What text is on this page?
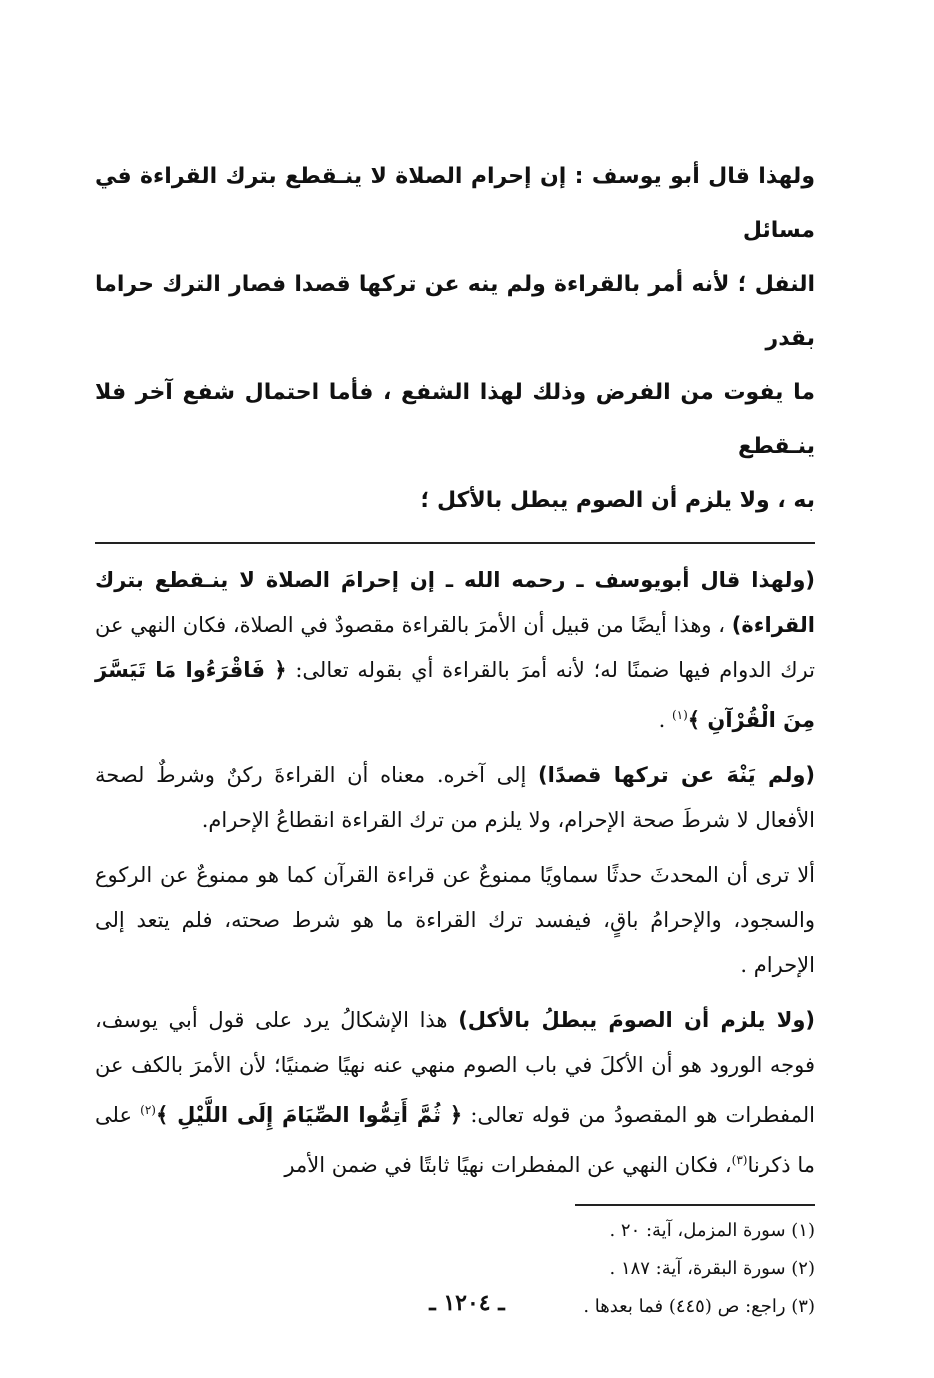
ولهذا قال أبو يوسف : إن إحرام الصلاة لا ينـقطع بترك القراءة في مسائل

النفل ؛ لأنه أمر بالقراءة ولم ينه عن تركها قصدا فصار الترك حراما بقدر

ما يفوت من الفرض وذلك لهذا الشفع ، فأما احتمال شفع آخر فلا ينـقطع

به ، ولا يلزم أن الصوم يبطل بالأكل ؛

(ولهذا قال أبويوسف ـ رحمه الله ـ إن إحرامَ الصلاة لا ينـقطع بترك القراءة) ، وهذا أيضًا من قبيل أن الأمرَ بالقراءة مقصودٌ في الصلاة، فكان النهي عن ترك الدوام فيها ضمنًا له؛ لأنه أمرَ بالقراءة أي بقوله تعالى: ﴿ فَاقْرَءُوا مَا تَيَسَّرَ مِنَ الْقُرْآنِ ﴾$^{(١)}$ .

(ولم يَنْهَ عن تركها قصدًا) إلى آخره. معناه أن القراءةَ ركنٌ وشرطٌ لصحة الأفعال لا شرطَ صحة الإحرام، ولا يلزم من ترك القراءة انقطاعُ الإحرام.

ألا ترى أن المحدثَ حدثًا سماويًا ممنوعٌ عن قراءة القرآن كما هو ممنوعٌ عن الركوع والسجود، والإحرامُ باقٍ، فيفسد ترك القراءة ما هو شرط صحته، فلم يتعد إلى الإحرام .

(ولا يلزم أن الصومَ يبطلُ بالأكل) هذا الإشكالُ يرد على قول أبي يوسف، فوجه الورود هو أن الأكلَ في باب الصوم منهي عنه نهيًا ضمنيًا؛ لأن الأمرَ بالكف عن المفطرات هو المقصودُ من قوله تعالى: ﴿ ثُمَّ أَتِمُّوا الصِّيَامَ إِلَى اللَّيْلِ ﴾$^{(٢)}$ على ما ذكرنا$^{(٣)}$، فكان النهي عن المفطرات نهيًا ثابتًا في ضمن الأمر

(١) سورة المزمل، آية: ٢٠ .
(٢) سورة البقرة، آية: ١٨٧ .
(٣) راجع: ص (٤٤٥) فما بعدها .
ـ ١٢٠٤ ـ
